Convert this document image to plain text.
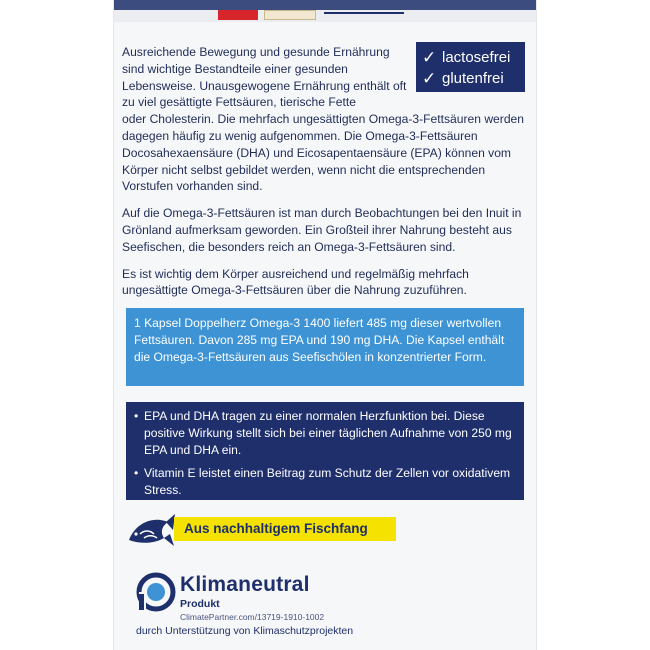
✓ lactosefrei
✓ glutenfrei

Ausreichende Bewegung und gesunde Ernährung sind wichtige Bestandteile einer gesunden Lebensweise. Unausgewogene Ernährung enthält oft zu viel gesättigte Fettsäuren, tierische Fette

oder Cholesterin. Die mehrfach ungesättigten Omega-3-Fettsäuren werden dagegen häufig zu wenig aufgenommen. Die Omega-3-Fettsäuren Docosahexaensäure (DHA) und Eicosapentaensäure (EPA) können vom Körper nicht selbst gebildet werden, wenn nicht die entsprechenden Vorstufen vorhanden sind.

Auf die Omega-3-Fettsäuren ist man durch Beobachtungen bei den Inuit in Grönland aufmerksam geworden. Ein Großteil ihrer Nahrung besteht aus Seefischen, die besonders reich an Omega-3-Fettsäuren sind.

Es ist wichtig dem Körper ausreichend und regelmäßig mehrfach ungesättigte Omega-3-Fettsäuren über die Nahrung zuzuführen.

1 Kapsel Doppelherz Omega-3 1400 liefert 485 mg dieser wertvollen Fettsäuren. Davon 285 mg EPA und 190 mg DHA. Die Kapsel enthält die Omega-3-Fettsäuren aus Seefischölen in konzentrierter Form.
• EPA und DHA tragen zu einer normalen Herzfunktion bei. Diese positive Wirkung stellt sich bei einer täglichen Aufnahme von 250 mg EPA und DHA ein.
• Vitamin E leistet einen Beitrag zum Schutz der Zellen vor oxidativem Stress.
Aus nachhaltigem Fischfang
Klimaneutral
Produkt
ClimatePartner.com/13719-1910-1002
durch Unterstützung von Klimaschutzprojekten
